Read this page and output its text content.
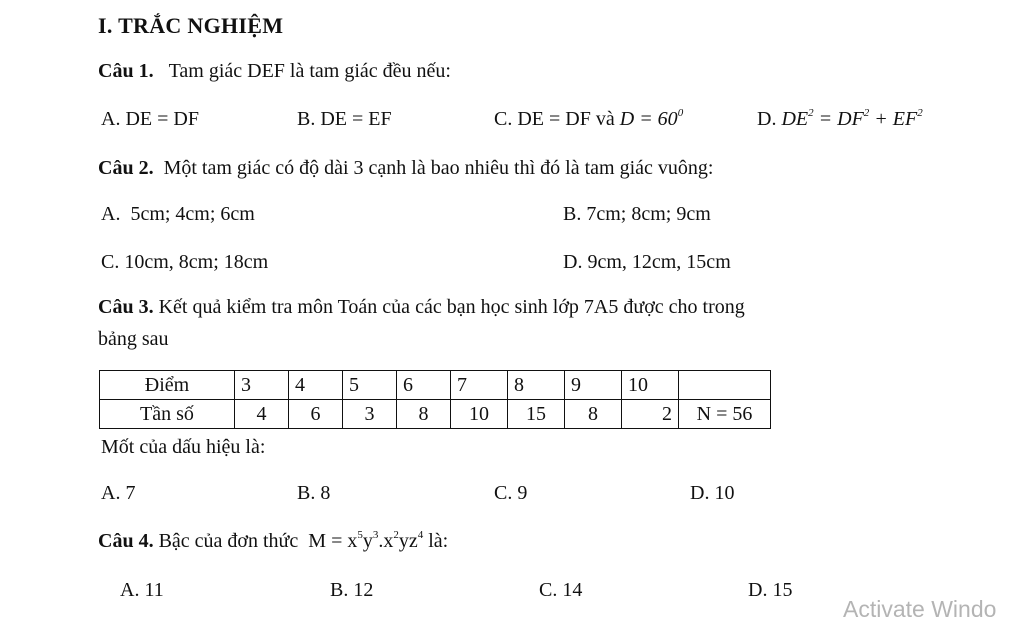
I. TRẮC NGHIỆM
Câu 1. Tam giác DEF là tam giác đều nếu:
A. DE = DF	B. DE = EF	C. DE = DF và $D = 60^0$	D. $DE^2 = DF^2 + EF^2$
Câu 2. Một tam giác có độ dài 3 cạnh là bao nhiêu thì đó là tam giác vuông:
A.  5cm; 4cm; 6cm	B. 7cm; 8cm; 9cm
C. 10cm, 8cm; 18cm	D. 9cm, 12cm, 15cm
Câu 3. Kết quả kiểm tra môn Toán của các bạn học sinh lớp 7A5 được cho trong
bảng sau
Điểm	3	4	5	6	7	8	9	10	
Tần số	4	6	3	8	10	15	8	2	N = 56
Mốt của dấu hiệu là:
A. 7	B. 8	C. 9	D. 10
Câu 4. Bậc của đơn thức $M = x^5y^3.x^2yz^4$ là:
A. 11	B. 12	C. 14	D. 15
Activate Windo
